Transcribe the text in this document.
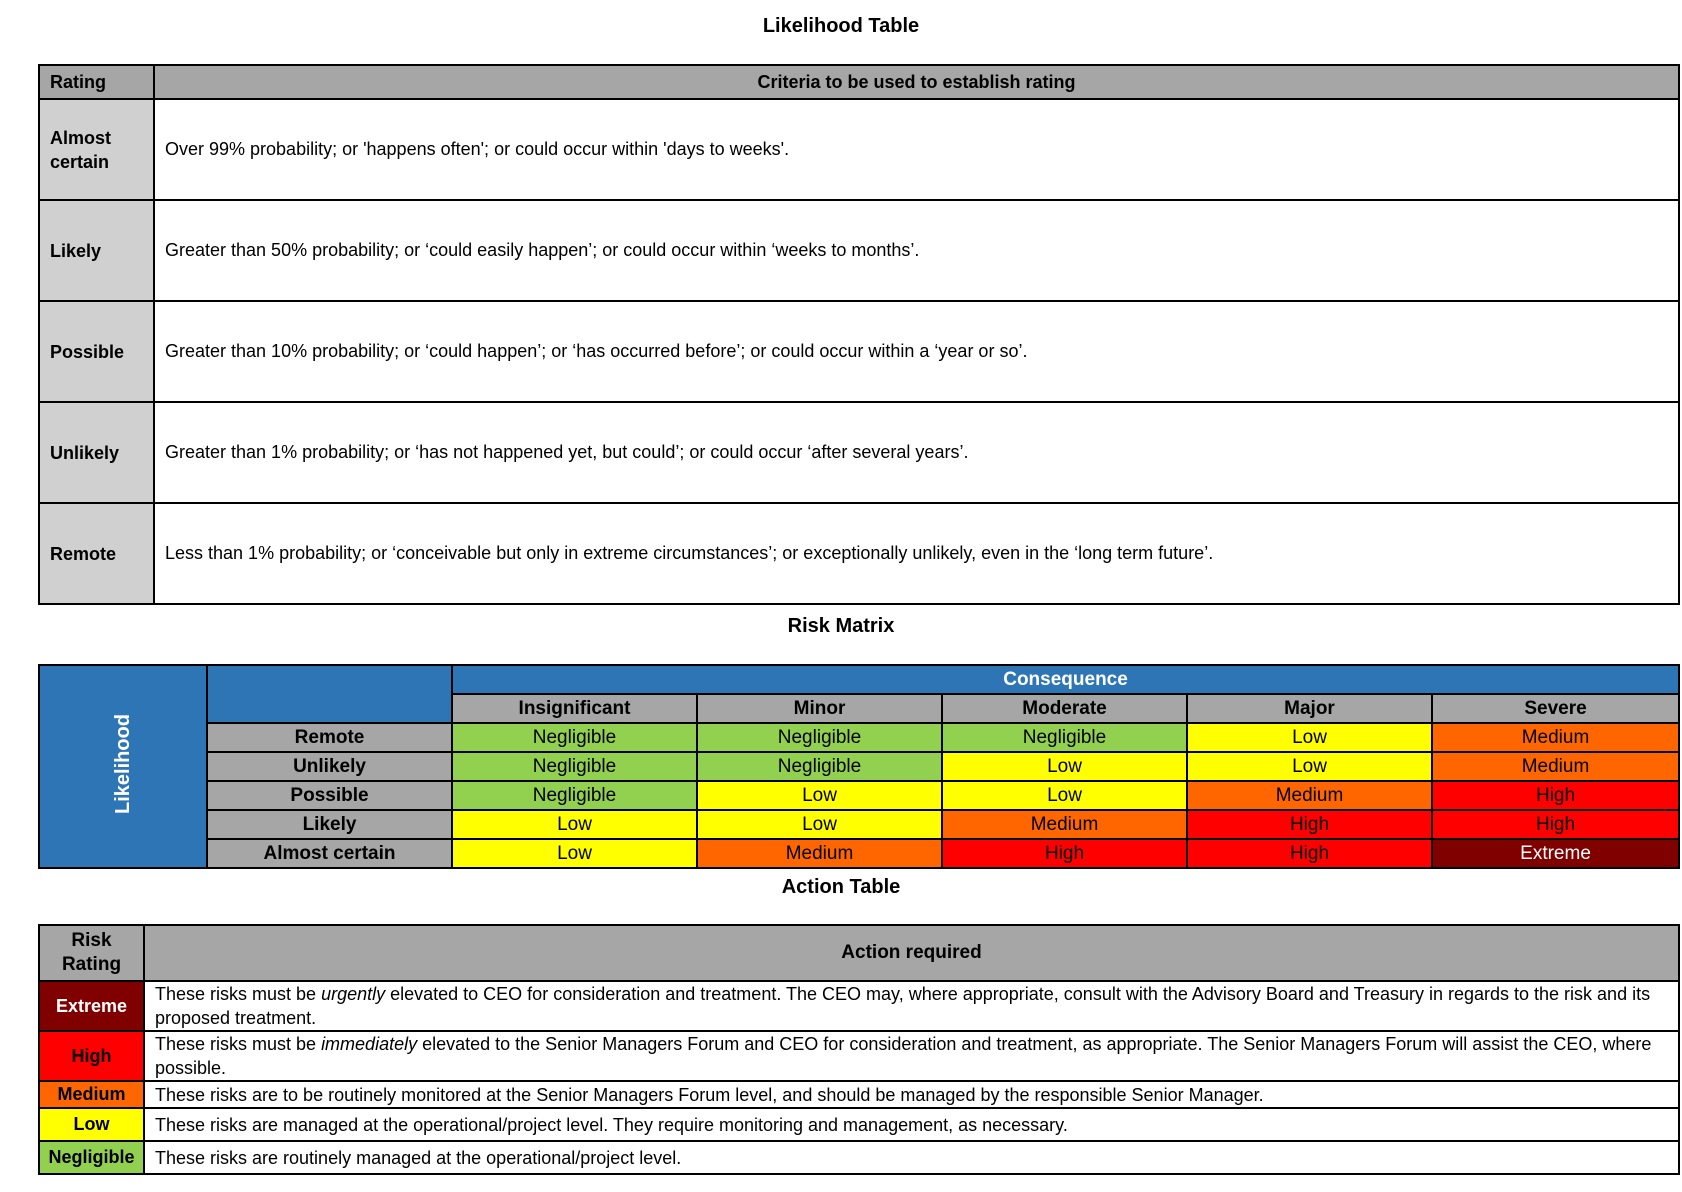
Likelihood Table
Rating	Criteria to be used to establish rating
Almost certain	Over 99% probability; or 'happens often'; or could occur within 'days to weeks'.
Likely	Greater than 50% probability; or ‘could easily happen’; or could occur within ‘weeks to months’.
Possible	Greater than 10% probability; or ‘could happen’; or ‘has occurred before’; or could occur within a ‘year or so’.
Unlikely	Greater than 1% probability; or ‘has not happened yet, but could’; or could occur ‘after several years’.
Remote	Less than 1% probability; or ‘conceivable but only in extreme circumstances’; or exceptionally unlikely, even in the ‘long term future’.
Risk Matrix
Likelihood		Consequence				
		Insignificant	Minor	Moderate	Major	Severe
	Remote	Negligible	Negligible	Negligible	Low	Medium
	Unlikely	Negligible	Negligible	Low	Low	Medium
	Possible	Negligible	Low	Low	Medium	High
	Likely	Low	Low	Medium	High	High
	Almost certain	Low	Medium	High	High	Extreme
Action Table
Risk Rating	Action required
Extreme	These risks must be urgently elevated to CEO for consideration and treatment. The CEO may, where appropriate, consult with the Advisory Board and Treasury in regards to the risk and its proposed treatment.
High	These risks must be immediately elevated to the Senior Managers Forum and CEO for consideration and treatment, as appropriate. The Senior Managers Forum will assist the CEO, where possible.
Medium	These risks are to be routinely monitored at the Senior Managers Forum level, and should be managed by the responsible Senior Manager.
Low	These risks are managed at the operational/project level. They require monitoring and management, as necessary.
Negligible	These risks are routinely managed at the operational/project level.
